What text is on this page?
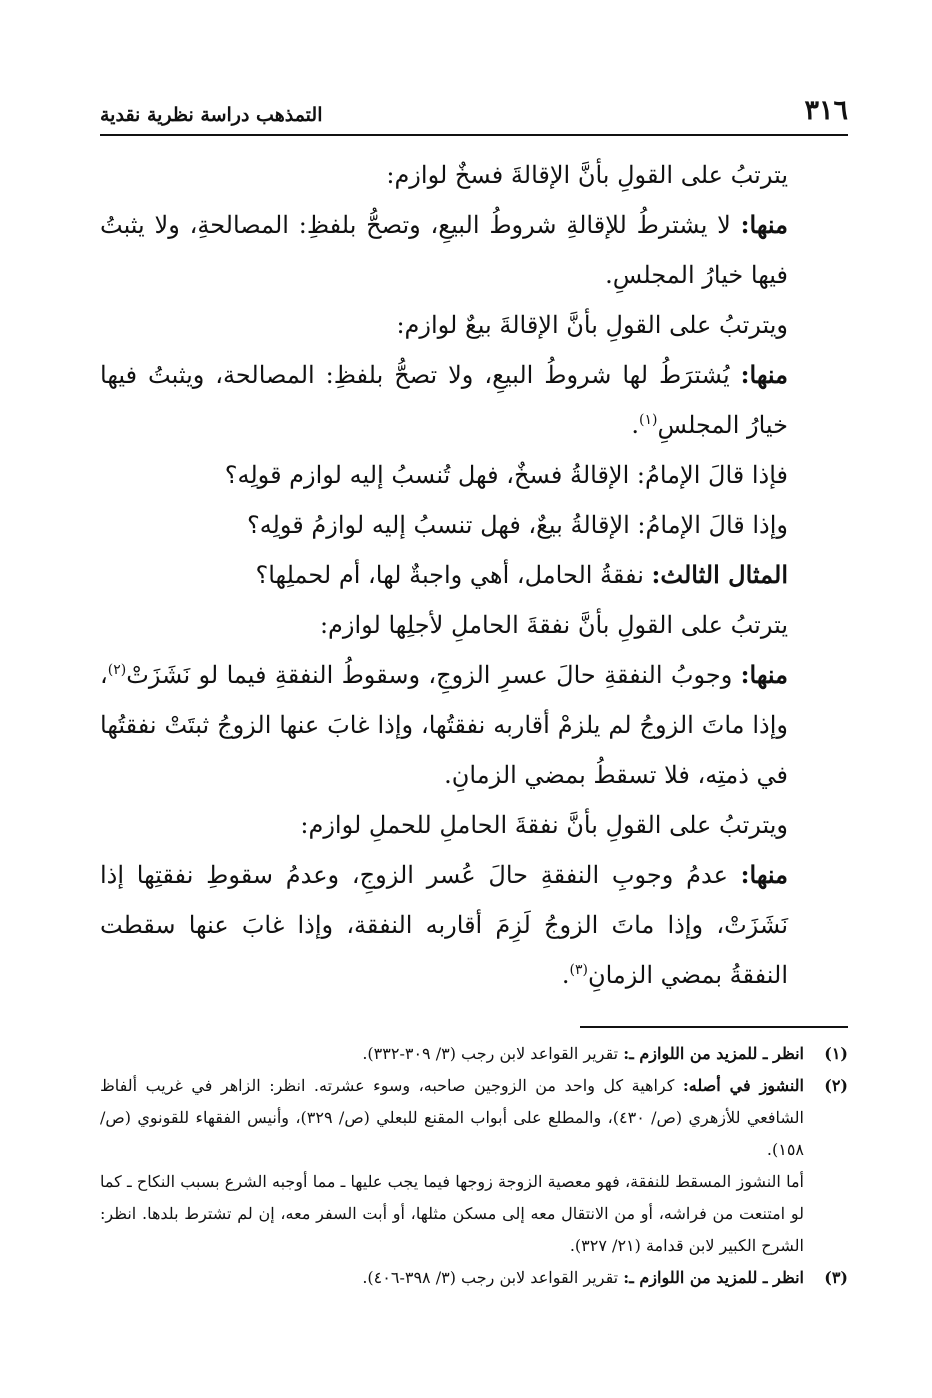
٣١٦
التمذهب دراسة نظرية نقدية

يترتبُ على القولِ بأنَّ الإقالةَ فسخٌ لوازم:

منها: لا يشترطُ للإقالةِ شروطُ البيعِ، وتصحُّ بلفظِ: المصالحةِ، ولا يثبتُ فيها خيارُ المجلسِ.

ويترتبُ على القولِ بأنَّ الإقالةَ بيعٌ لوازم:

منها: يُشترَطُ لها شروطُ البيعِ، ولا تصحُّ بلفظِ: المصالحة، ويثبتُ فيها خيارُ المجلسِ$^{(١)}$.

فإذا قالَ الإمامُ: الإقالةُ فسخٌ، فهل تُنسبُ إليه لوازم قولِه؟

وإذا قالَ الإمامُ: الإقالةُ بيعٌ، فهل تنسبُ إليه لوازمُ قولِه؟

المثال الثالث: نفقةُ الحامل، أهي واجبةٌ لها، أم لحملِها؟

يترتبُ على القولِ بأنَّ نفقةَ الحاملِ لأجلِها لوازم:

منها: وجوبُ النفقةِ حالَ عسرِ الزوجِ، وسقوطُ النفقةِ فيما لو نَشَزَتْ$^{(٢)}$، وإذا ماتَ الزوجُ لم يلزمْ أقاربه نفقتُها، وإذا غابَ عنها الزوجُ ثبتَتْ نفقتُها في ذمتِه، فلا تسقطُ بمضي الزمانِ.

ويترتبُ على القولِ بأنَّ نفقةَ الحاملِ للحملِ لوازم:

منها: عدمُ وجوبِ النفقةِ حالَ عُسر الزوجِ، وعدمُ سقوطِ نفقتِها إذا نَشَزَتْ، وإذا ماتَ الزوجُ لَزِمَ أقاربه النفقة، وإذا غابَ عنها سقطت النفقةُ بمضي الزمانِ$^{(٣)}$.

(١)
انظر ـ للمزيد من اللوازم ـ: تقرير القواعد لابن رجب (٣/ ٣٠٩-٣٣٢).
(٢)
النشوز في أصله: كراهية كل واحد من الزوجين صاحبه، وسوء عشرته. انظر: الزاهر في غريب ألفاظ الشافعي للأزهري (ص/ ٤٣٠)، والمطلع على أبواب المقنع للبعلي (ص/ ٣٢٩)، وأنيس الفقهاء للقونوي (ص/ ١٥٨).

أما النشوز المسقط للنفقة، فهو معصية الزوجة زوجها فيما يجب عليها ـ مما أوجبه الشرع بسبب النكاح ـ كما لو امتنعت من فراشه، أو من الانتقال معه إلى مسكن مثلها، أو أبت السفر معه، إن لم تشترط بلدها. انظر: الشرح الكبير لابن قدامة (٢١/ ٣٢٧).

(٣)
انظر ـ للمزيد من اللوازم ـ: تقرير القواعد لابن رجب (٣/ ٣٩٨-٤٠٦).
